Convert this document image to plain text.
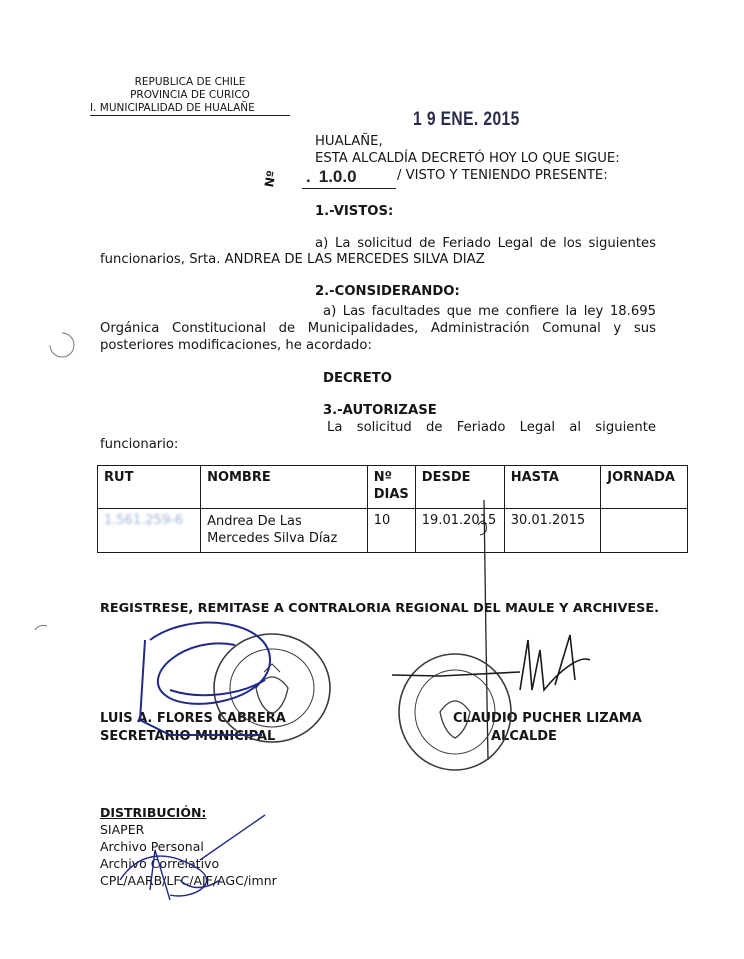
REPUBLICA DE CHILE
PROVINCIA DE CURICO
I. MUNICIPALIDAD DE HUALAÑE
1 9 ENE. 2015
HUALAÑE,
ESTA ALCALDÍA DECRETÓ HOY LO QUE SIGUE:
Nº . 1.0.0	/ VISTO Y TENIENDO PRESENTE:
1.-VISTOS:
a) La solicitud de Feriado Legal de los siguientes
funcionarios, Srta. ANDREA DE LAS MERCEDES SILVA DIAZ
2.-CONSIDERANDO:
a) Las facultades que me confiere la ley 18.695
Orgánica Constitucional de Municipalidades, Administración Comunal y sus
posteriores modificaciones, he acordado:
DECRETO
3.-AUTORIZASE
La solicitud de Feriado Legal al siguiente
funcionario:
RUT	NOMBRE	Nº DIAS	DESDE	HASTA	JORNADA
1.561.259-6	Andrea De Las Mercedes Silva Díaz	10	19.01.2015	30.01.2015	
REGISTRESE, REMITASE A CONTRALORIA REGIONAL DEL MAULE Y ARCHIVESE.
LUIS A. FLORES CABRERA
SECRETARIO MUNICIPAL
CLAUDIO PUCHER LIZAMA
ALCALDE
DISTRIBUCIÓN:
SIAPER
Archivo Personal
Archivo Correlativo
CPL/AARB/LFC/AJF/AGC/imnr
